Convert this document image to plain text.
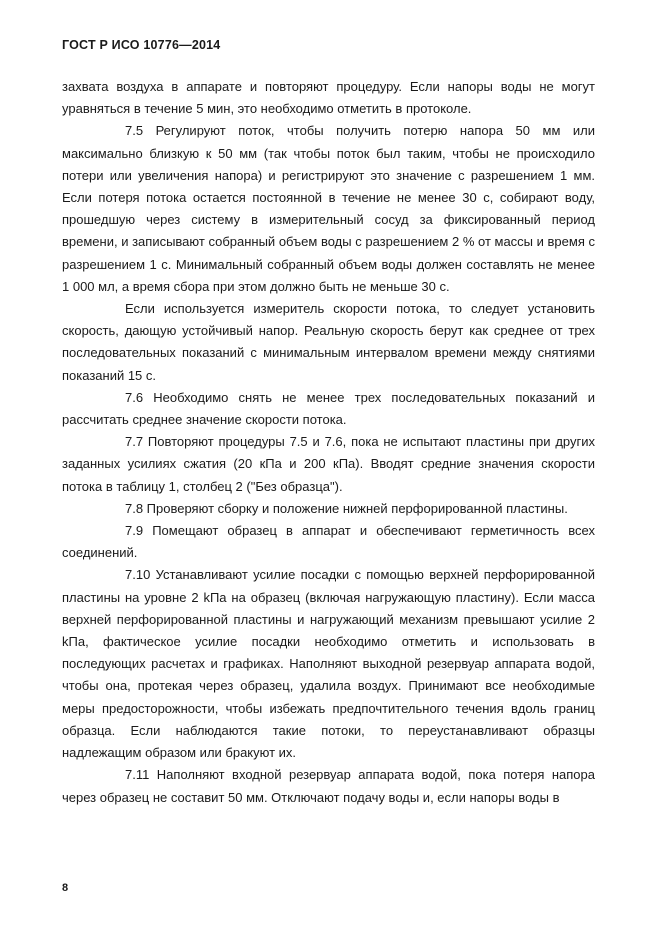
ГОСТ Р ИСО 10776—2014

захвата воздуха в аппарате и повторяют процедуру. Если напоры воды не могут уравняться в течение 5 мин, это необходимо отметить в протоколе.

7.5 Регулируют поток, чтобы получить потерю напора 50 мм или максимально близкую к 50 мм (так чтобы поток был таким, чтобы не происходило потери или увеличения напора) и регистрируют это значение с разрешением 1 мм. Если потеря потока остается постоянной в течение не менее 30 с, собирают воду, прошедшую через систему в измерительный сосуд за фиксированный период времени, и записывают собранный объем воды с разрешением 2 % от массы и время с разрешением 1 с. Минимальный собранный объем воды должен составлять не менее 1 000 мл, а время сбора при этом должно быть не меньше 30 с.

Если используется измеритель скорости потока, то следует установить скорость, дающую устойчивый напор. Реальную скорость берут как среднее от трех последовательных показаний с минимальным интервалом времени между снятиями показаний 15 с.

7.6 Необходимо снять не менее трех последовательных показаний и рассчитать среднее значение скорости потока.

7.7 Повторяют процедуры 7.5 и 7.6, пока не испытают пластины при других заданных усилиях сжатия (20 кПа и 200 кПа). Вводят средние значения скорости потока в таблицу 1, столбец 2 ("Без образца").

7.8 Проверяют сборку и положение нижней перфорированной пластины.

7.9 Помещают образец в аппарат и обеспечивают герметичность всех соединений.

7.10 Устанавливают усилие посадки с помощью верхней перфорированной пластины на уровне 2 kПа на образец (включая нагружающую пластину). Если масса верхней перфорированной пластины и нагружающий механизм превышают усилие 2 kПа, фактическое усилие посадки необходимо отметить и использовать в последующих расчетах и графиках. Наполняют выходной резервуар аппарата водой, чтобы она, протекая через образец, удалила воздух. Принимают все необходимые меры предосторожности, чтобы избежать предпочтительного течения вдоль границ образца. Если наблюдаются такие потоки, то переустанавливают образцы надлежащим образом или бракуют их.

7.11 Наполняют входной резервуар аппарата водой, пока потеря напора через образец не составит 50 мм. Отключают подачу воды и, если напоры воды в

8
